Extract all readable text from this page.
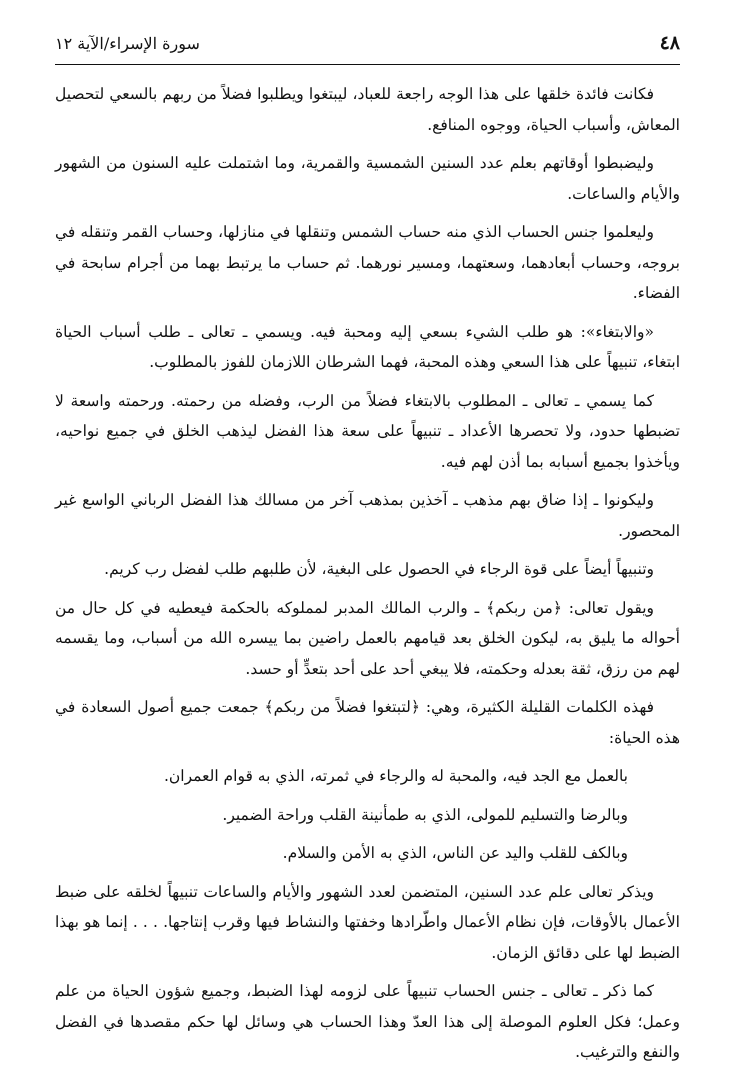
٤٨
سورة الإسراء/الآية ١٢

فكانت فائدة خلقها على هذا الوجه راجعة للعباد، ليبتغوا ويطلبوا فضلاً من ربهم بالسعي لتحصيل المعاش، وأسباب الحياة، ووجوه المنافع.

وليضبطوا أوقاتهم بعلم عدد السنين الشمسية والقمرية، وما اشتملت عليه السنون من الشهور والأيام والساعات.

وليعلموا جنس الحساب الذي منه حساب الشمس وتنقلها في منازلها، وحساب القمر وتنقله في بروجه، وحساب أبعادهما، وسعتهما، ومسير نورهما. ثم حساب ما يرتبط بهما من أجرام سابحة في الفضاء.

«والابتغاء»: هو طلب الشيء بسعي إليه ومحبة فيه. ويسمي ـ تعالى ـ طلب أسباب الحياة ابتغاء، تنبيهاً على هذا السعي وهذه المحبة، فهما الشرطان اللازمان للفوز بالمطلوب.

كما يسمي ـ تعالى ـ المطلوب بالابتغاء فضلاً من الرب، وفضله من رحمته. ورحمته واسعة لا تضبطها حدود، ولا تحصرها الأعداد ـ تنبيهاً على سعة هذا الفضل ليذهب الخلق في جميع نواحيه، ويأخذوا بجميع أسبابه بما أذن لهم فيه.

وليكونوا ـ إذا ضاق بهم مذهب ـ آخذين بمذهب آخر من مسالك هذا الفضل الرباني الواسع غير المحصور.

وتنبيهاً أيضاً على قوة الرجاء في الحصول على البغية، لأن طلبهم طلب لفضل رب كريم.

ويقول تعالى: ﴿من ربكم﴾ ـ والرب المالك المدبر لمملوكه بالحكمة فيعطيه في كل حال من أحواله ما يليق به، ليكون الخلق بعد قيامهم بالعمل راضين بما ييسره الله من أسباب، وما يقسمه لهم من رزق، ثقة بعدله وحكمته، فلا يبغي أحد على أحد بتعدٍّ أو حسد.

فهذه الكلمات القليلة الكثيرة، وهي: ﴿لتبتغوا فضلاً من ربكم﴾ جمعت جميع أصول السعادة في هذه الحياة:

بالعمل مع الجد فيه، والمحبة له والرجاء في ثمرته، الذي به قوام العمران.

وبالرضا والتسليم للمولى، الذي به طمأنينة القلب وراحة الضمير.

وبالكف للقلب واليد عن الناس، الذي به الأمن والسلام.

ويذكر تعالى علم عدد السنين، المتضمن لعدد الشهور والأيام والساعات تنبيهاً لخلقه على ضبط الأعمال بالأوقات، فإن نظام الأعمال واطّرادها وخفتها والنشاط فيها وقرب إنتاجها. . . . إنما هو بهذا الضبط لها على دقائق الزمان.

كما ذكر ـ تعالى ـ جنس الحساب تنبيهاً على لزومه لهذا الضبط، وجميع شؤون الحياة من علم وعمل؛ فكل العلوم الموصلة إلى هذا العدّ وهذا الحساب هي وسائل لها حكم مقصدها في الفضل والنفع والترغيب.
